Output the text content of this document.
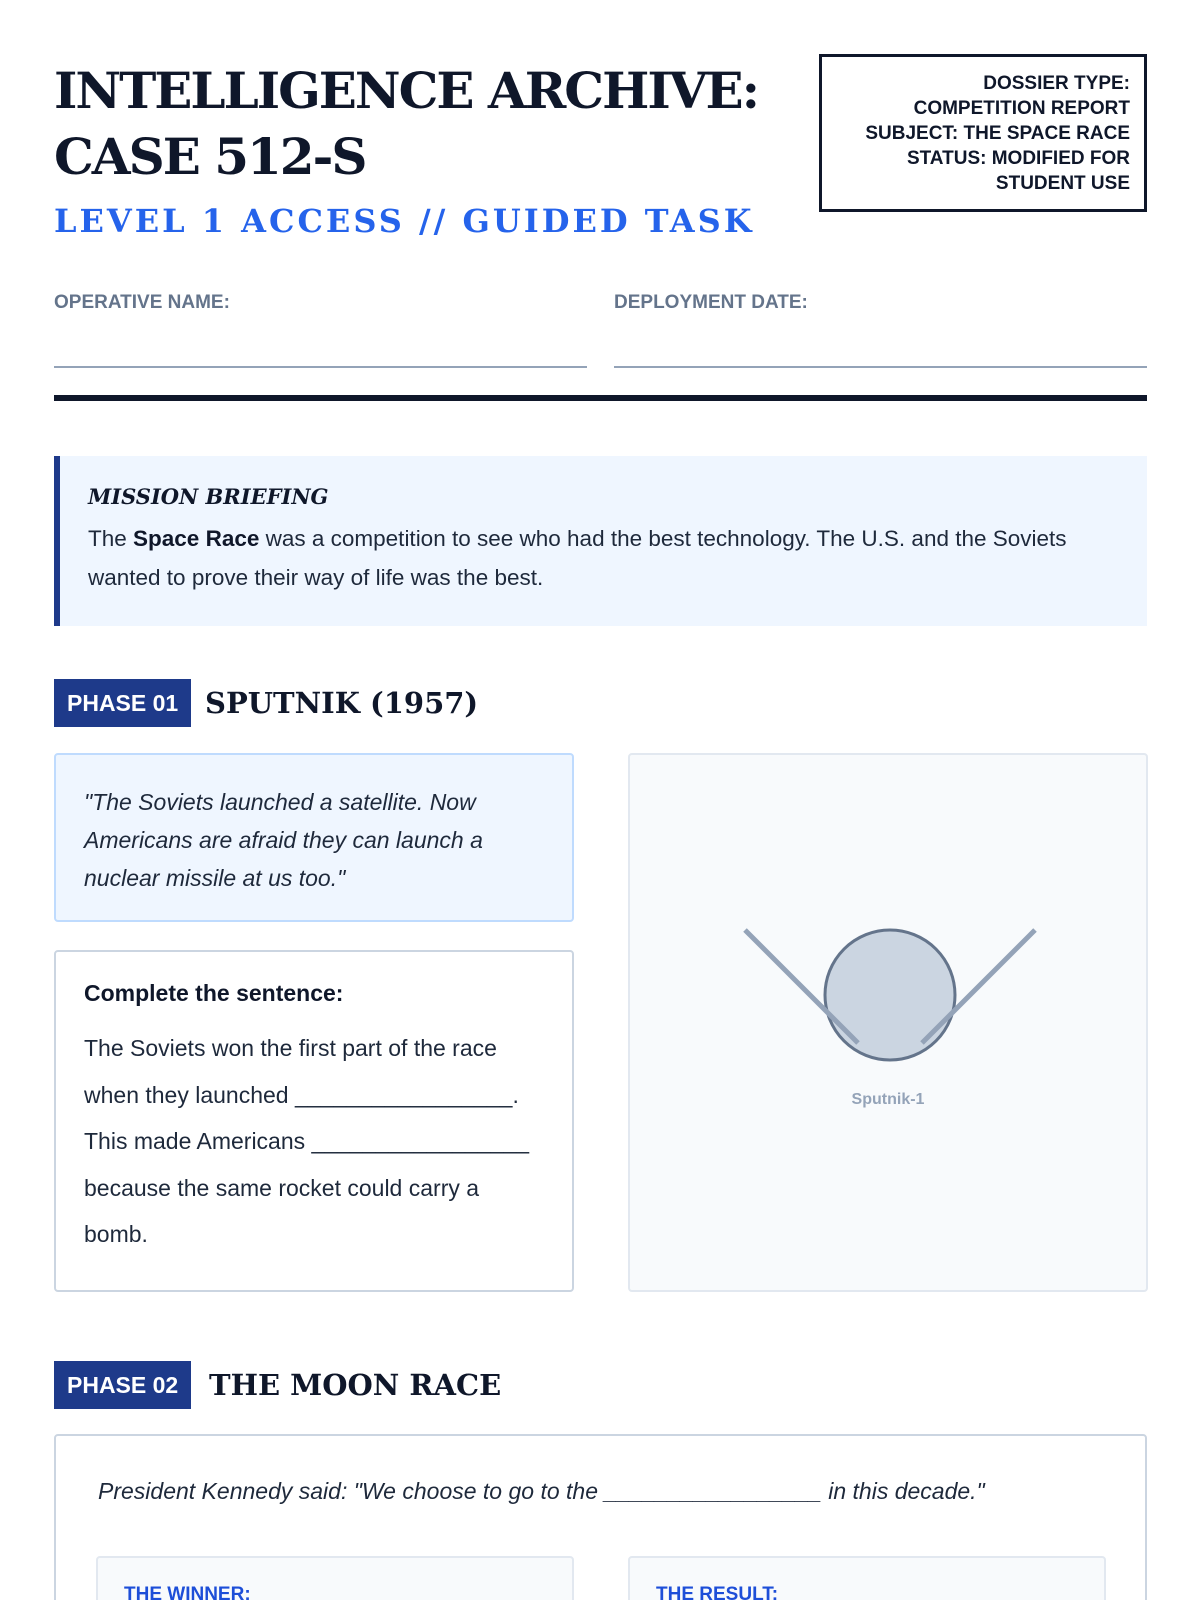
INTELLIGENCE ARCHIVE:
CASE 512-S
LEVEL 1 ACCESS // GUIDED TASK
DOSSIER TYPE:
COMPETITION REPORT
SUBJECT: THE SPACE RACE
STATUS: MODIFIED FOR
STUDENT USE
OPERATIVE NAME:	DEPLOYMENT DATE:
MISSION BRIEFING
The Space Race was a competition to see who had the best technology. The U.S. and the Soviets wanted to prove their way of life was the best.
PHASE 01 SPUTNIK (1957)
"The Soviets launched a satellite. Now Americans are afraid they can launch a nuclear missile at us too."
Complete the sentence:
The Soviets won the first part of the race when they launched _________________. This made Americans _________________ because the same rocket could carry a bomb.
Sputnik-1
PHASE 02	THE MOON RACE
President Kennedy said: "We choose to go to the _________________ in this decade."
THE WINNER:	THE RESULT:
